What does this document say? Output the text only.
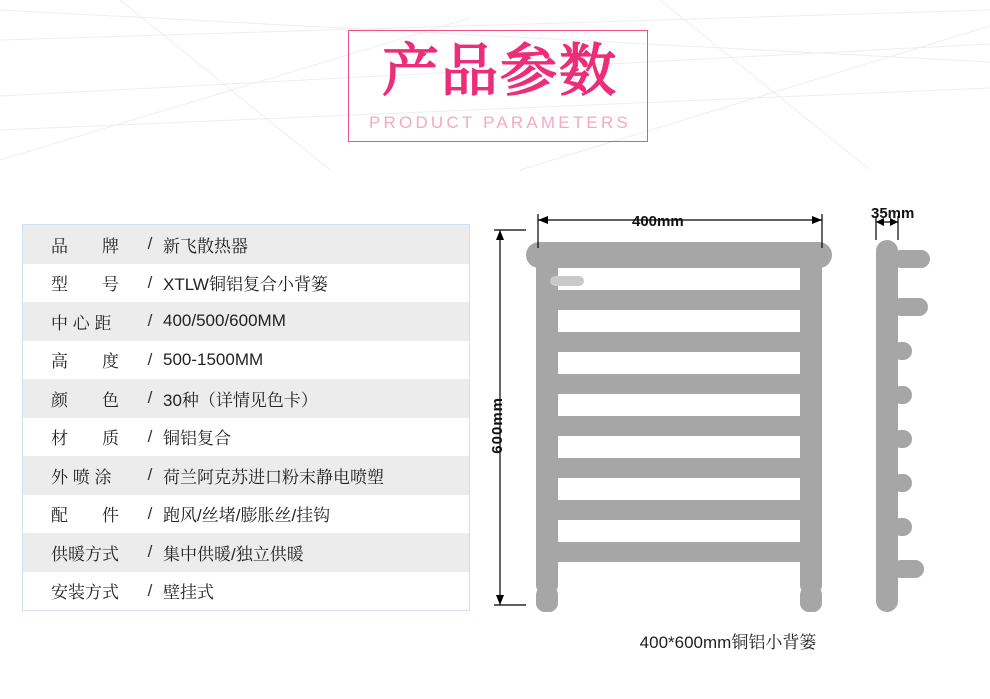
产品参数
PRODUCT PARAMETERS
品　　牌	/ 新飞散热器
型　　号	/ XTLW铜铝复合小背篓
中 心 距	/ 400/500/600MM
高　　度	/ 500-1500MM
颜　　色	/ 30种（详情见色卡）
材　　质	/ 铜铝复合
外 喷 涂	/ 荷兰阿克苏进口粉末静电喷塑
配　　件	/ 跑风/丝堵/膨胀丝/挂钩
供暖方式	/ 集中供暖/独立供暖
安装方式	/ 壁挂式
400mm
600mm
35mm
400*600mm铜铝小背篓
